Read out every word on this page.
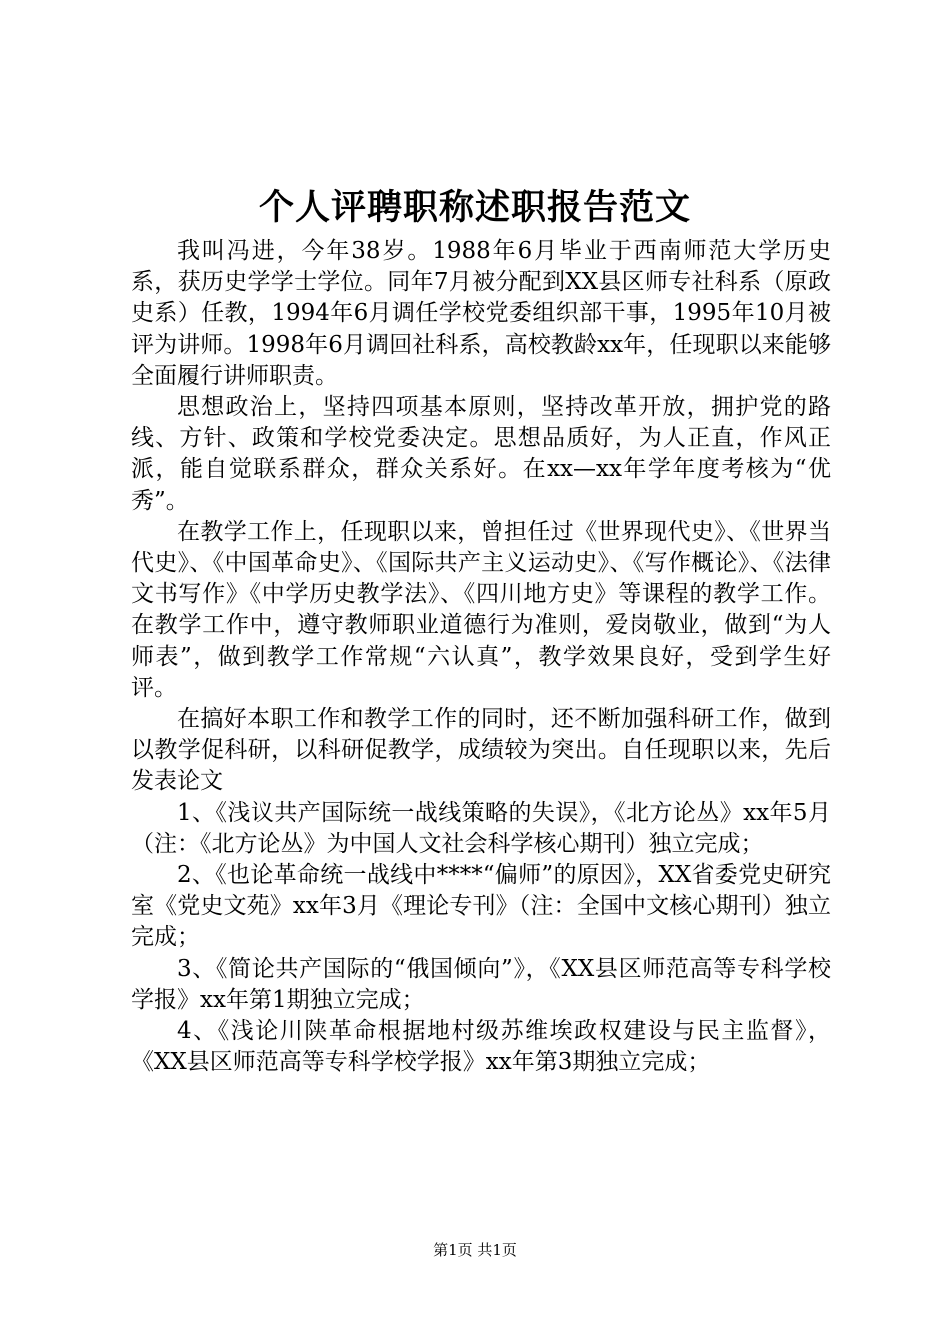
个人评聘职称述职报告范文

我叫冯进，今年38岁。1988年6月毕业于西南师范大学历史系，获历史学学士学位。同年7月被分配到XX县区师专社科系（原政史系）任教，1994年6月调任学校党委组织部干事，1995年10月被评为讲师。1998年6月调回社科系，高校教龄xx年，任现职以来能够全面履行讲师职责。

思想政治上，坚持四项基本原则，坚持改革开放，拥护党的路线、方针、政策和学校党委决定。思想品质好，为人正直，作风正派，能自觉联系群众，群众关系好。在xx—xx年学年度考核为“优秀”。

在教学工作上，任现职以来，曾担任过《世界现代史》、《世界当代史》、《中国革命史》、《国际共产主义运动史》、《写作概论》、《法律文书写作》《中学历史教学法》、《四川地方史》等课程的教学工作。在教学工作中，遵守教师职业道德行为准则，爱岗敬业，做到“为人师表”，做到教学工作常规“六认真”，教学效果良好，受到学生好评。

在搞好本职工作和教学工作的同时，还不断加强科研工作，做到以教学促科研，以科研促教学，成绩较为突出。自任现职以来，先后发表论文

1、《浅议共产国际统一战线策略的失误》，《北方论丛》xx年5月（注：《北方论丛》为中国人文社会科学核心期刊）独立完成；

2、《也论革命统一战线中****“偏师”的原因》，XX省委党史研究室《党史文苑》xx年3月《理论专刊》（注：全国中文核心期刊）独立完成；

3、《简论共产国际的“俄国倾向”》，《XX县区师范高等专科学校学报》xx年第1期独立完成；

4、《浅论川陕革命根据地村级苏维埃政权建设与民主监督》，《XX县区师范高等专科学校学报》xx年第3期独立完成；

第1页 共1页
